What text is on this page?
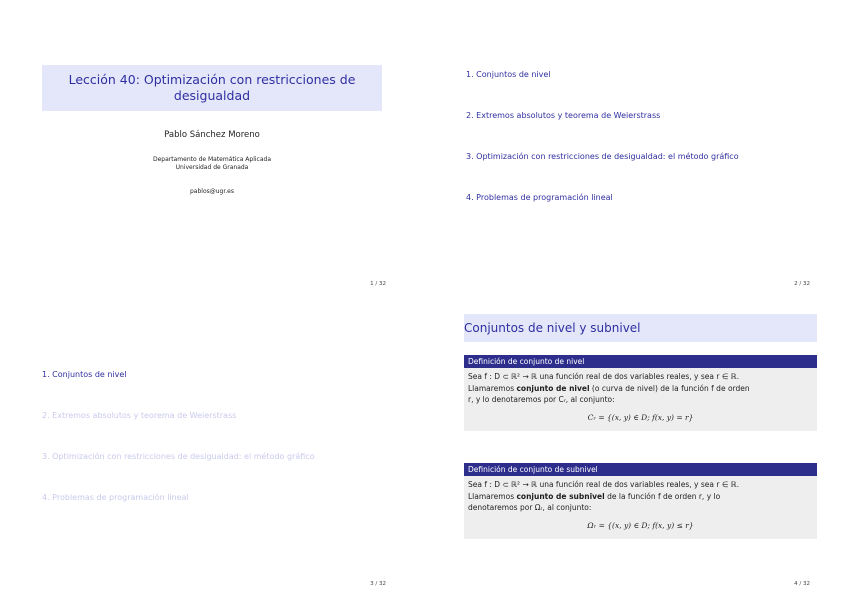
Lección 40: Optimización con restricciones de desigualdad
Pablo Sánchez Moreno
Departamento de Matemática Aplicada
Universidad de Granada
pablos@ugr.es
1 / 32
1. Conjuntos de nivel
2. Extremos absolutos y teorema de Weierstrass
3. Optimización con restricciones de desigualdad: el método gráfico
4. Problemas de programación lineal
2 / 32
1. Conjuntos de nivel
2. Extremos absolutos y teorema de Weierstrass
3. Optimización con restricciones de desigualdad: el método gráfico
4. Problemas de programación lineal
3 / 32
Conjuntos de nivel y subnivel
Definición de conjunto de nivel
Sea f : D ⊂ ℝ² → ℝ una función real de dos variables reales, y sea r ∈ ℝ.
Llamaremos conjunto de nivel (o curva de nivel) de la función f de orden
r, y lo denotaremos por Cᵣ, al conjunto:
Cᵣ = {(x, y) ∈ D; f(x, y) = r}
Definición de conjunto de subnivel
Sea f : D ⊂ ℝ² → ℝ una función real de dos variables reales, y sea r ∈ ℝ.
Llamaremos conjunto de subnivel de la función f de orden r, y lo
denotaremos por Ωᵣ, al conjunto:
Ωᵣ = {(x, y) ∈ D; f(x, y) ≤ r}
4 / 32
